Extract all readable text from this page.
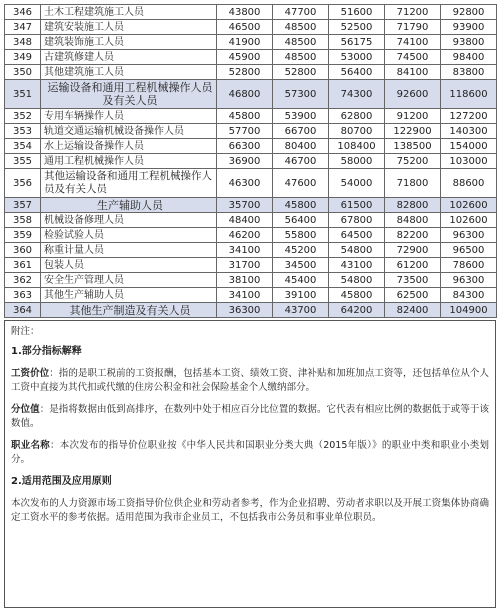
346	土木工程建筑施工人员	43800	47700	51600	71200	92800
347	建筑安装施工人员	46500	48500	52500	71790	93900
348	建筑装饰施工人员	41900	48500	56175	74100	93800
349	古建筑修建人员	45900	48500	53000	74500	98400
350	其他建筑施工人员	52800	52800	56400	84100	83800
351	运输设备和通用工程机械操作人员及有关人员	46800	57300	74300	92600	118600
352	专用车辆操作人员	45800	53900	62800	91200	127200
353	轨道交通运输机械设备操作人员	57700	66700	80700	122900	140300
354	水上运输设备操作人员	66300	80400	108400	138500	154000
355	通用工程机械操作人员	36900	46700	58000	75200	103000
356	其他运输设备和通用工程机械操作人员及有关人员	46300	47600	54000	71800	88600
357	生产辅助人员	35700	45800	61500	82800	102600
358	机械设备修理人员	48400	56400	67800	84800	102600
359	检验试验人员	46200	55800	64500	82200	96300
360	称重计量人员	34100	45200	54800	72900	96500
361	包装人员	31700	34500	43100	61200	78600
362	安全生产管理人员	38100	45400	54800	73500	96300
363	其他生产辅助人员	34100	39100	45800	62500	84300
364	其他生产制造及有关人员	36300	43700	64200	82400	104900

附注：

1.部分指标解释

工资价位：指的是职工税前的工资报酬，包括基本工资、绩效工资、津补贴和加班加点工资等，还包括单位从个人工资中直接为其代扣或代缴的住房公积金和社会保险基金个人缴纳部分。

分位值：是指将数据由低到高排序，在数列中处于相应百分比位置的数据。它代表有相应比例的数据低于或等于该数值。

职业名称：本次发布的指导价位职业按《中华人民共和国职业分类大典（2015年版）》的职业中类和职业小类划分。

2.适用范围及应用原则

本次发布的人力资源市场工资指导价位供企业和劳动者参考，作为企业招聘、劳动者求职以及开展工资集体协商确定工资水平的参考依据。适用范围为我市企业员工，不包括我市公务员和事业单位职员。
